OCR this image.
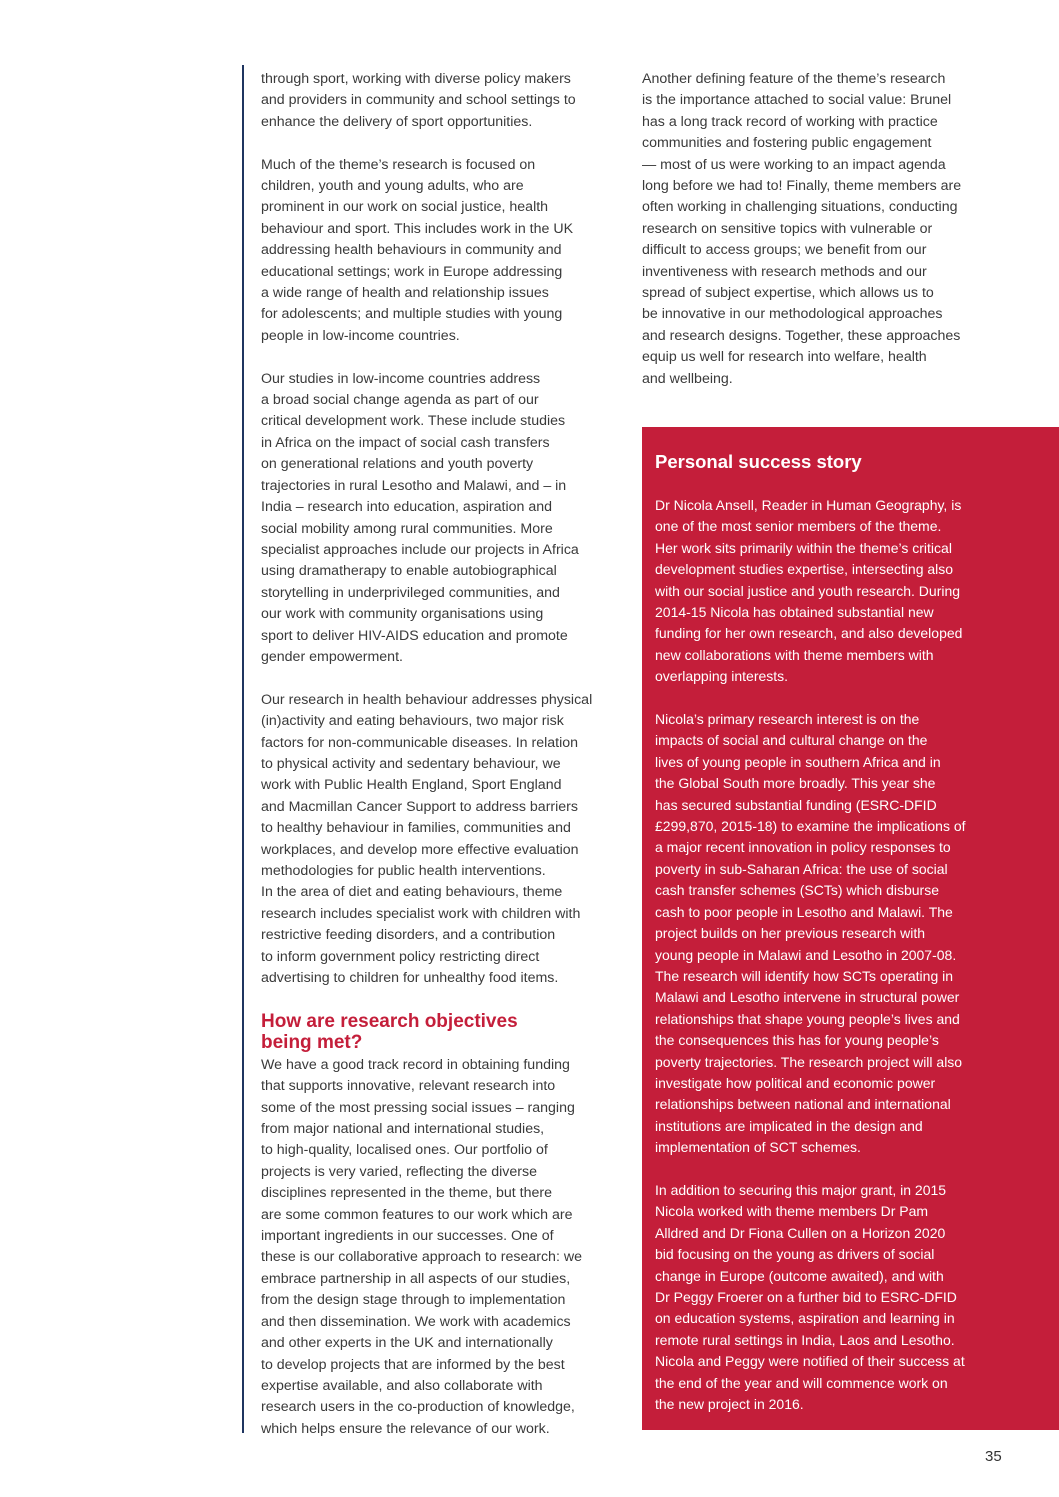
through sport, working with diverse policy makers
and providers in community and school settings to
enhance the delivery of sport opportunities.

Much of the theme’s research is focused on
children, youth and young adults, who are
prominent in our work on social justice, health
behaviour and sport. This includes work in the UK
addressing health behaviours in community and
educational settings; work in Europe addressing
a wide range of health and relationship issues
for adolescents; and multiple studies with young
people in low-income countries.

Our studies in low-income countries address
a broad social change agenda as part of our
critical development work. These include studies
in Africa on the impact of social cash transfers
on generational relations and youth poverty
trajectories in rural Lesotho and Malawi, and – in
India – research into education, aspiration and
social mobility among rural communities. More
specialist approaches include our projects in Africa
using dramatherapy to enable autobiographical
storytelling in underprivileged communities, and
our work with community organisations using
sport to deliver HIV-AIDS education and promote
gender empowerment.

Our research in health behaviour addresses physical
(in)activity and eating behaviours, two major risk
factors for non-communicable diseases. In relation
to physical activity and sedentary behaviour, we
work with Public Health England, Sport England
and Macmillan Cancer Support to address barriers
to healthy behaviour in families, communities and
workplaces, and develop more effective evaluation
methodologies for public health interventions.
In the area of diet and eating behaviours, theme
research includes specialist work with children with
restrictive feeding disorders, and a contribution
to inform government policy restricting direct
advertising to children for unhealthy food items.

How are research objectives
being met?

We have a good track record in obtaining funding
that supports innovative, relevant research into
some of the most pressing social issues – ranging
from major national and international studies,
to high-quality, localised ones. Our portfolio of
projects is very varied, reflecting the diverse
disciplines represented in the theme, but there
are some common features to our work which are
important ingredients in our successes. One of
these is our collaborative approach to research: we
embrace partnership in all aspects of our studies,
from the design stage through to implementation
and then dissemination. We work with academics
and other experts in the UK and internationally
to develop projects that are informed by the best
expertise available, and also collaborate with
research users in the co-production of knowledge,
which helps ensure the relevance of our work.

Another defining feature of the theme’s research
is the importance attached to social value: Brunel
has a long track record of working with practice
communities and fostering public engagement
— most of us were working to an impact agenda
long before we had to! Finally, theme members are
often working in challenging situations, conducting
research on sensitive topics with vulnerable or
difficult to access groups; we benefit from our
inventiveness with research methods and our
spread of subject expertise, which allows us to
be innovative in our methodological approaches
and research designs. Together, these approaches
equip us well for research into welfare, health
and wellbeing.

Personal success story

Dr Nicola Ansell, Reader in Human Geography, is
one of the most senior members of the theme.
Her work sits primarily within the theme’s critical
development studies expertise, intersecting also
with our social justice and youth research. During
2014-15 Nicola has obtained substantial new
funding for her own research, and also developed
new collaborations with theme members with
overlapping interests.

Nicola’s primary research interest is on the
impacts of social and cultural change on the
lives of young people in southern Africa and in
the Global South more broadly. This year she
has secured substantial funding (ESRC-DFID
£299,870, 2015-18) to examine the implications of
a major recent innovation in policy responses to
poverty in sub-Saharan Africa: the use of social
cash transfer schemes (SCTs) which disburse
cash to poor people in Lesotho and Malawi. The
project builds on her previous research with
young people in Malawi and Lesotho in 2007-08.
The research will identify how SCTs operating in
Malawi and Lesotho intervene in structural power
relationships that shape young people’s lives and
the consequences this has for young people’s
poverty trajectories. The research project will also
investigate how political and economic power
relationships between national and international
institutions are implicated in the design and
implementation of SCT schemes.

In addition to securing this major grant, in 2015
Nicola worked with theme members Dr Pam
Alldred and Dr Fiona Cullen on a Horizon 2020
bid focusing on the young as drivers of social
change in Europe (outcome awaited), and with
Dr Peggy Froerer on a further bid to ESRC-DFID
on education systems, aspiration and learning in
remote rural settings in India, Laos and Lesotho.
Nicola and Peggy were notified of their success at
the end of the year and will commence work on
the new project in 2016.

35
